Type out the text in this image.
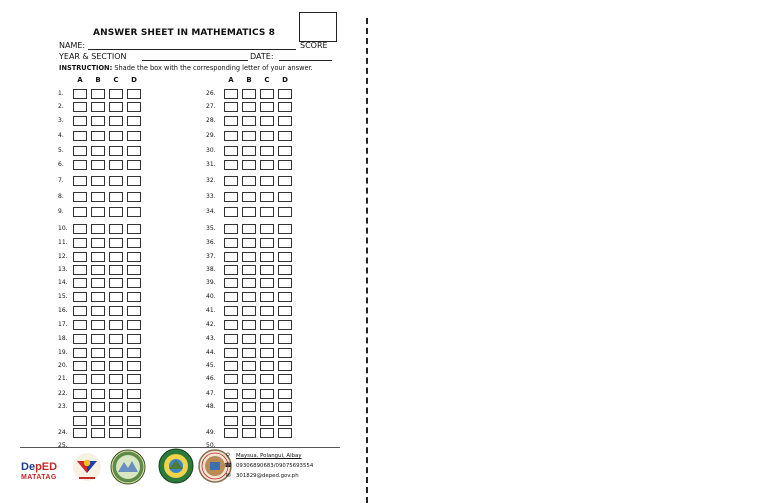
ANSWER SHEET IN MATHEMATICS 8
SCORE
NAME:
YEAR & SECTION	DATE:
INSTRUCTION: Shade the box with the corresponding letter of your answer.
A	B	C	D
1.
2.
3.
4.
5.
6.
7.
8.
9.
10.
11.
12.
13.
14.
15.
16.
17.
18.
19.
20.
21.
22.
23.
24.
25.
A	B	C	D
26.
27.
28.
29.
30.
31.
32.
33.
34.
35.
36.
37.
38.
39.
40.
41.
42.
43.
44.
45.
46.
47.
48.
49.
50.
DepED
MATATAG
⚲	Maysua, Polangui, Albay
☎ 09306890683/09075693554
✉ 301829@deped.gov.ph
